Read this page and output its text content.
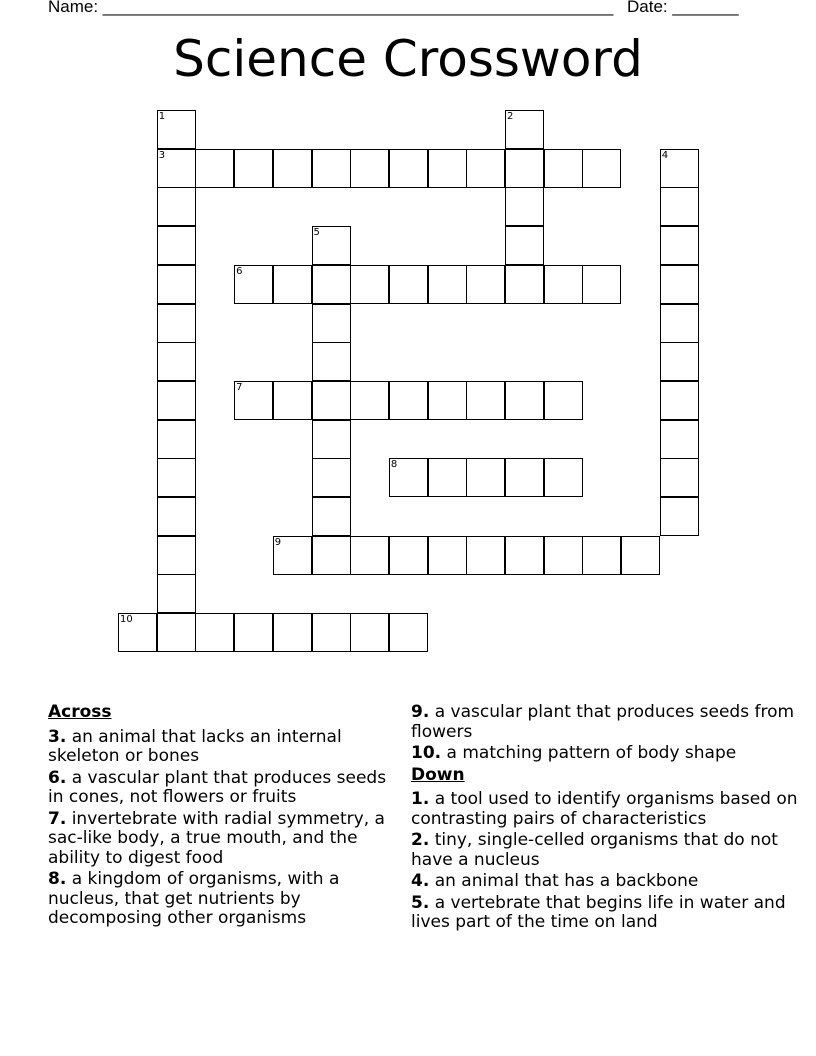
Name: ______________________________________________________ Date: _______
Science Crossword
1
3
2
4
5
6
7
8
9
10
Across
3. an animal that lacks an internal skeleton or bones
6. a vascular plant that produces seeds in cones, not flowers or fruits
7. invertebrate with radial symmetry, a sac-like body, a true mouth, and the ability to digest food
8. a kingdom of organisms, with a nucleus, that get nutrients by decomposing other organisms
9. a vascular plant that produces seeds from flowers
10. a matching pattern of body shape
Down
1. a tool used to identify organisms based on contrasting pairs of characteristics
2. tiny, single-celled organisms that do not have a nucleus
4. an animal that has a backbone
5. a vertebrate that begins life in water and lives part of the time on land
